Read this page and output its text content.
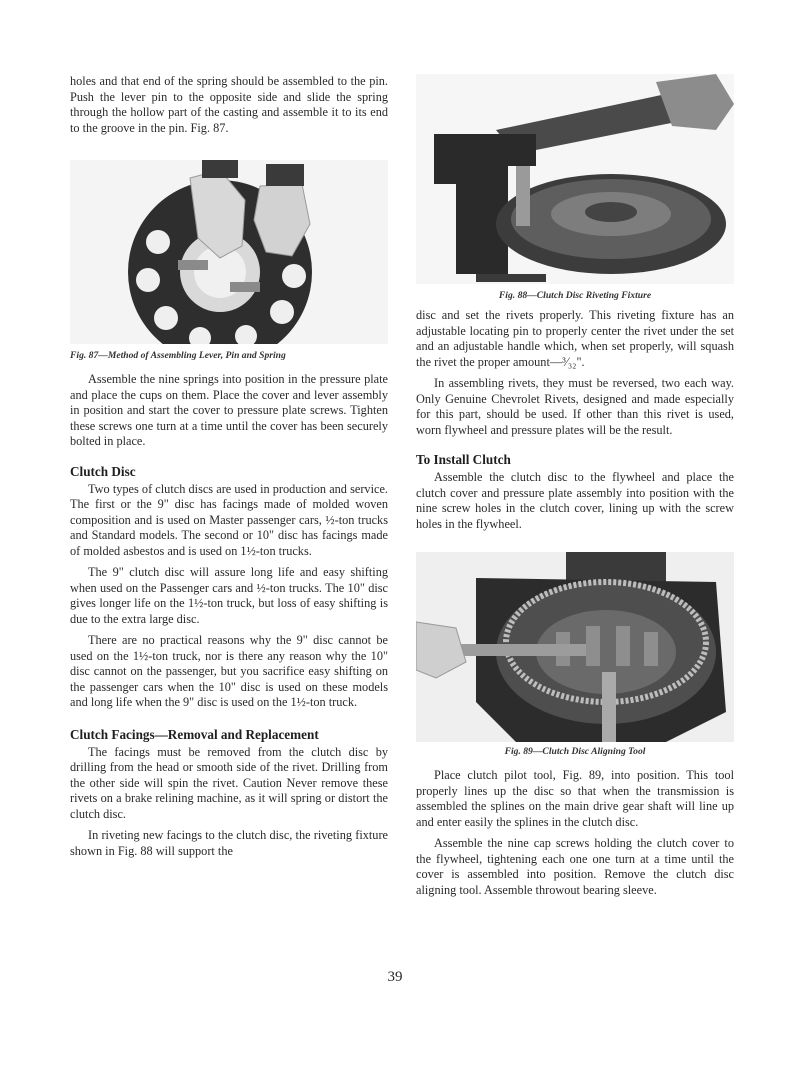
holes and that end of the spring should be assembled to the pin. Push the lever pin to the opposite side and slide the spring through the hollow part of the casting and assemble it to its end to the groove in the pin. Fig. 87.

Fig. 87—Method of Assembling Lever, Pin and Spring

Assemble the nine springs into position in the pressure plate and place the cups on them. Place the cover and lever assembly in position and start the cover to pressure plate screws. Tighten these screws one turn at a time until the cover has been securely bolted in place.

Clutch Disc

Two types of clutch discs are used in production and service. The first or the 9" disc has facings made of molded woven composition and is used on Master passenger cars, ½-ton trucks and Standard models. The second or 10" disc has facings made of molded asbestos and is used on 1½-ton trucks.

The 9" clutch disc will assure long life and easy shifting when used on the Passenger cars and ½-ton trucks. The 10" disc gives longer life on the 1½-ton truck, but loss of easy shifting is due to the extra large disc.

There are no practical reasons why the 9" disc cannot be used on the 1½-ton truck, nor is there any reason why the 10" disc cannot on the passenger, but you sacrifice easy shifting on the passenger cars when the 10" disc is used on these models and long life when the 9" disc is used on the 1½-ton truck.

Clutch Facings—Removal and Replacement

The facings must be removed from the clutch disc by drilling from the head or smooth side of the rivet. Drilling from the other side will spin the rivet. Caution Never remove these rivets on a brake relining machine, as it will spring or distort the clutch disc.

In riveting new facings to the clutch disc, the riveting fixture shown in Fig. 88 will support the

Fig. 88—Clutch Disc Riveting Fixture

disc and set the rivets properly. This riveting fixture has an adjustable locating pin to properly center the rivet under the set and an adjustable handle which, when set properly, will squash the rivet the proper amount—³⁄₃₂".

In assembling rivets, they must be reversed, two each way. Only Genuine Chevrolet Rivets, designed and made especially for this part, should be used. If other than this rivet is used, worn flywheel and pressure plates will be the result.

To Install Clutch

Assemble the clutch disc to the flywheel and place the clutch cover and pressure plate assembly into position with the nine screw holes in the clutch cover, lining up with the screw holes in the flywheel.

Fig. 89—Clutch Disc Aligning Tool

Place clutch pilot tool, Fig. 89, into position. This tool properly lines up the disc so that when the transmission is assembled the splines on the main drive gear shaft will line up and enter easily the splines in the clutch disc.

Assemble the nine cap screws holding the clutch cover to the flywheel, tightening each one one turn at a time until the cover is assembled into position. Remove the clutch disc aligning tool. Assemble throwout bearing sleeve.

39
